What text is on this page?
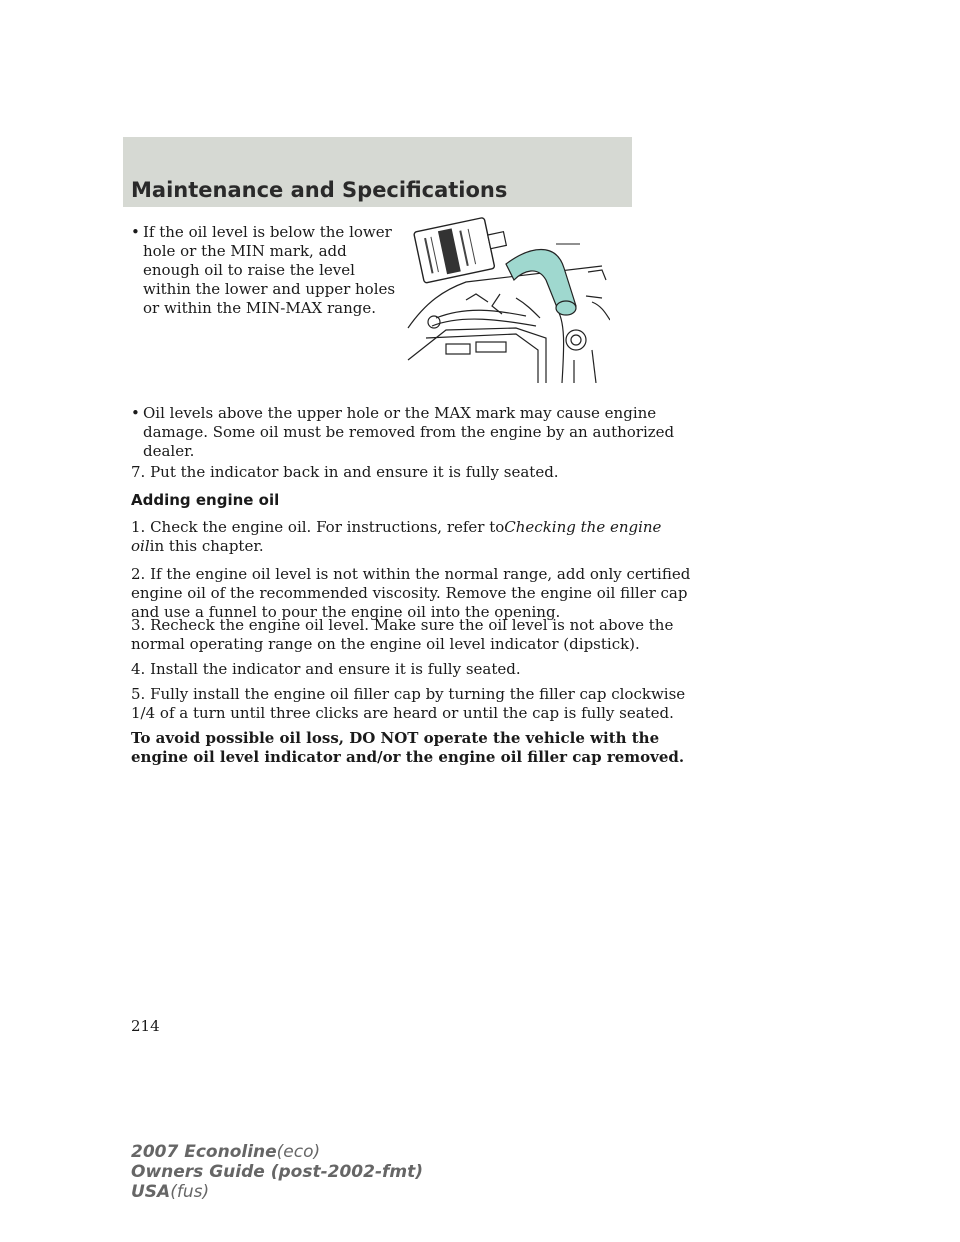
Maintenance and Specifications
• If the oil level is below the lower
hole or the MIN mark, add
enough oil to raise the level
within the lower and upper holes
or within the MIN-MAX range.
• Oil levels above the upper hole or the MAX mark may cause engine
damage. Some oil must be removed from the engine by an authorized
dealer.
7. Put the indicator back in and ensure it is fully seated.
Adding engine oil
1. Check the engine oil. For instructions, refer toChecking the engine
oilin this chapter.
2. If the engine oil level is not within the normal range, add only certified
engine oil of the recommended viscosity. Remove the engine oil filler cap
and use a funnel to pour the engine oil into the opening.
3. Recheck the engine oil level. Make sure the oil level is not above the
normal operating range on the engine oil level indicator (dipstick).
4. Install the indicator and ensure it is fully seated.
5. Fully install the engine oil filler cap by turning the filler cap clockwise
1/4 of a turn until three clicks are heard or until the cap is fully seated.
To avoid possible oil loss, DO NOT operate the vehicle with the
engine oil level indicator and/or the engine oil filler cap removed.
214
2007 Econoline(eco)
Owners Guide (post-2002-fmt)
USA(fus)
